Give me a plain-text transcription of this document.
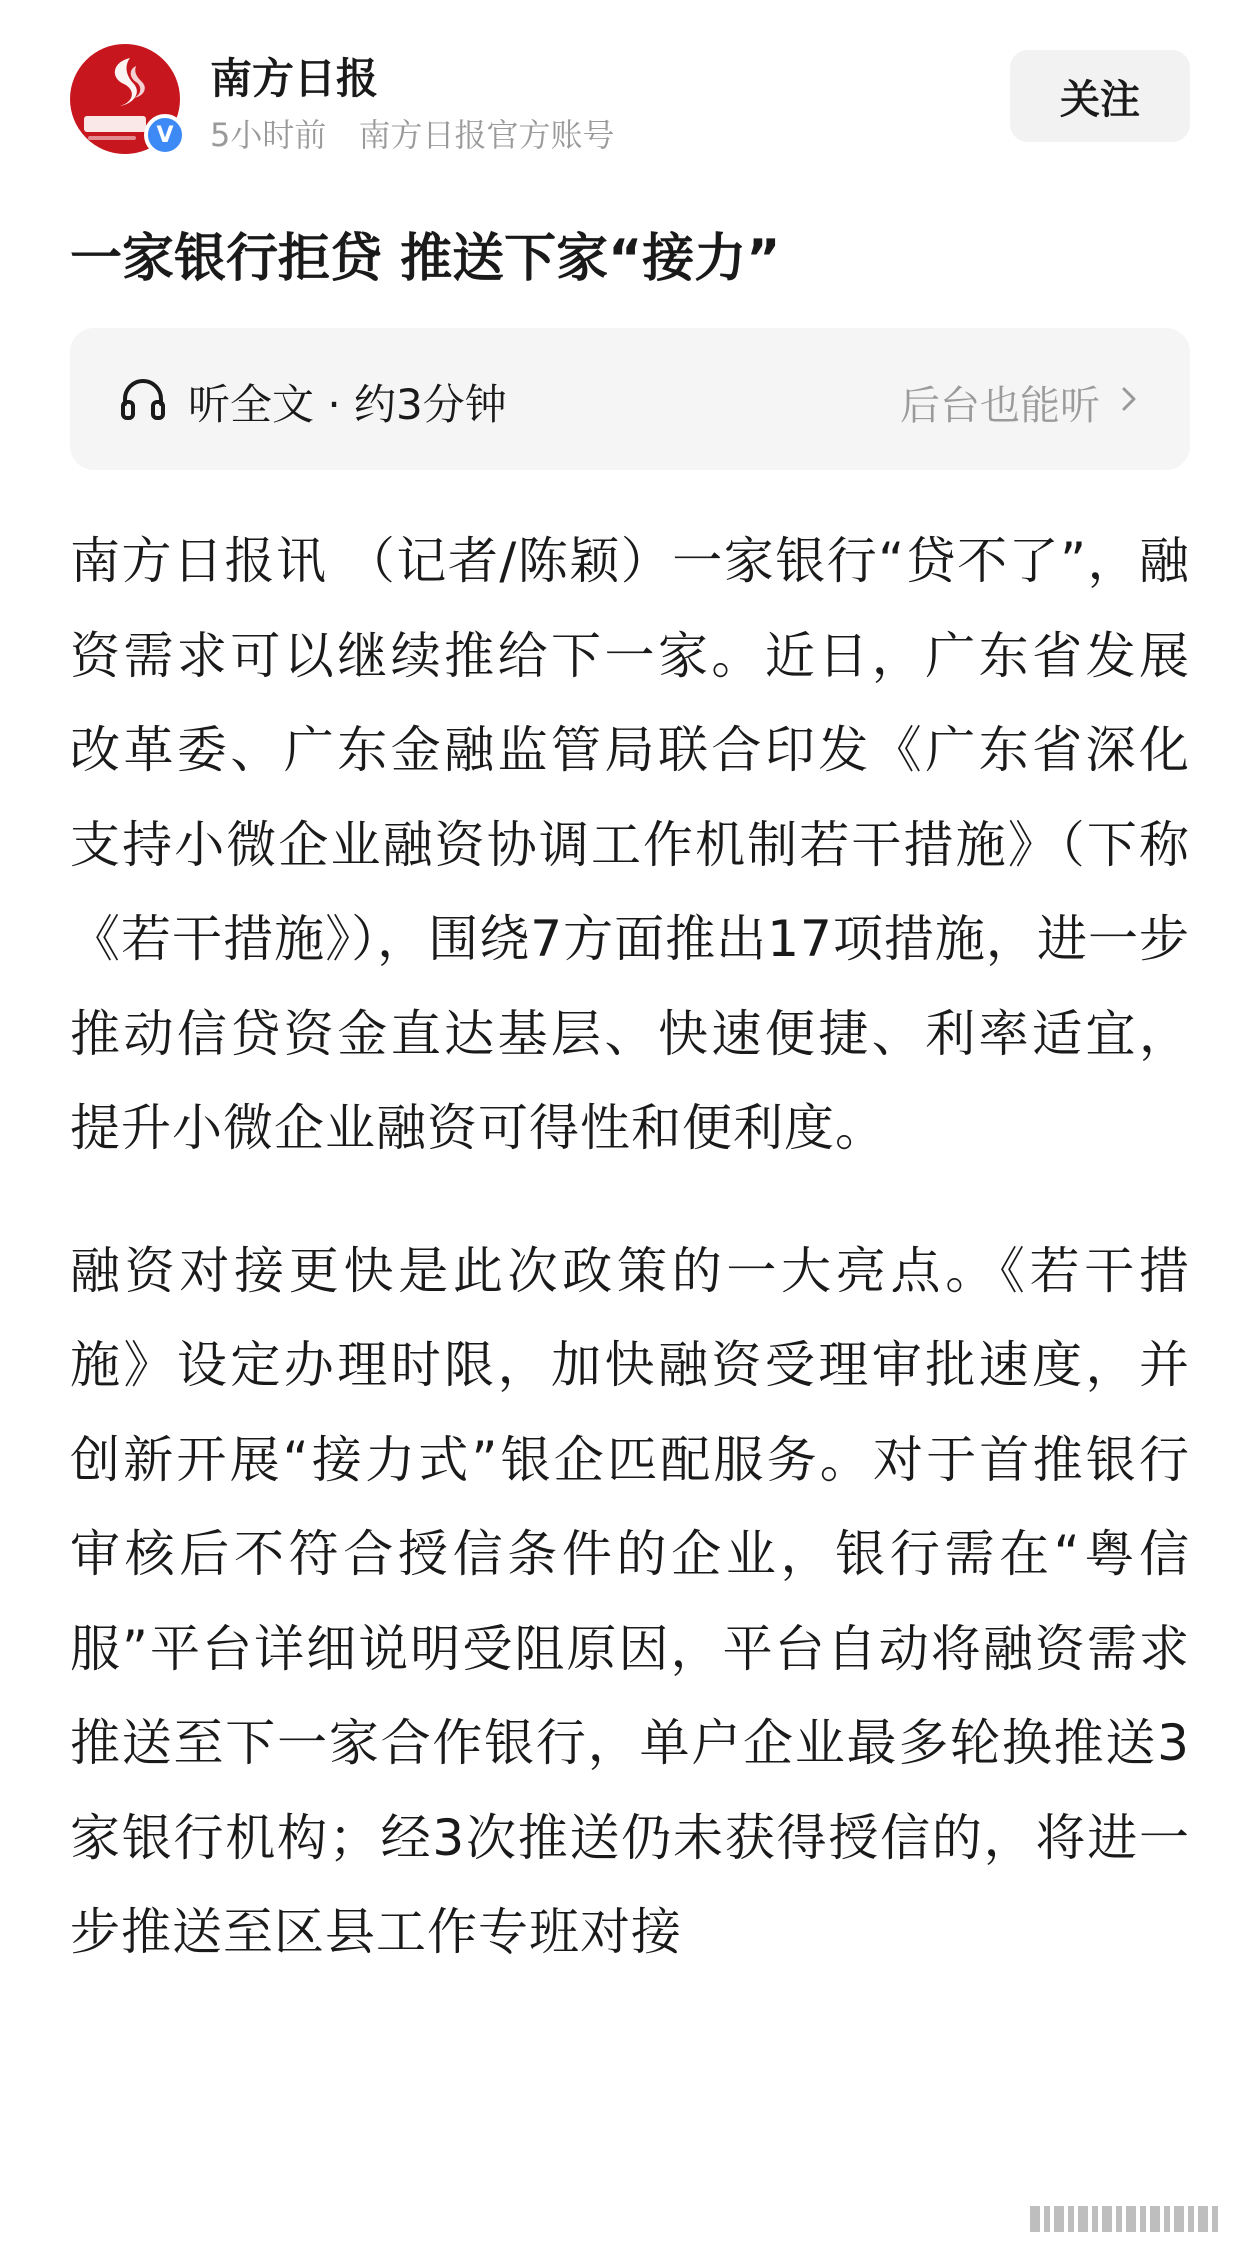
V
南方日报
5小时前 南方日报官方账号
关注
一家银行拒贷 推送下家“接力”
听全文 · 约3分钟	后台也能听

南方日报讯 （记者/陈颖）一家银行“贷不了”，融资需求可以继续推给下一家。近日，广东省发展改革委、广东金融监管局联合印发《广东省深化支持小微企业融资协调工作机制若干措施》（下称《若干措施》），围绕7方面推出17项措施，进一步推动信贷资金直达基层、快速便捷、利率适宜，提升小微企业融资可得性和便利度。

融资对接更快是此次政策的一大亮点。《若干措施》设定办理时限，加快融资受理审批速度，并创新开展“接力式”银企匹配服务。对于首推银行审核后不符合授信条件的企业，银行需在“粤信服”平台详细说明受阻原因，平台自动将融资需求推送至下一家合作银行，单户企业最多轮换推送3家银行机构；经3次推送仍未获得授信的，将进一步推送至区县工作专班对接
